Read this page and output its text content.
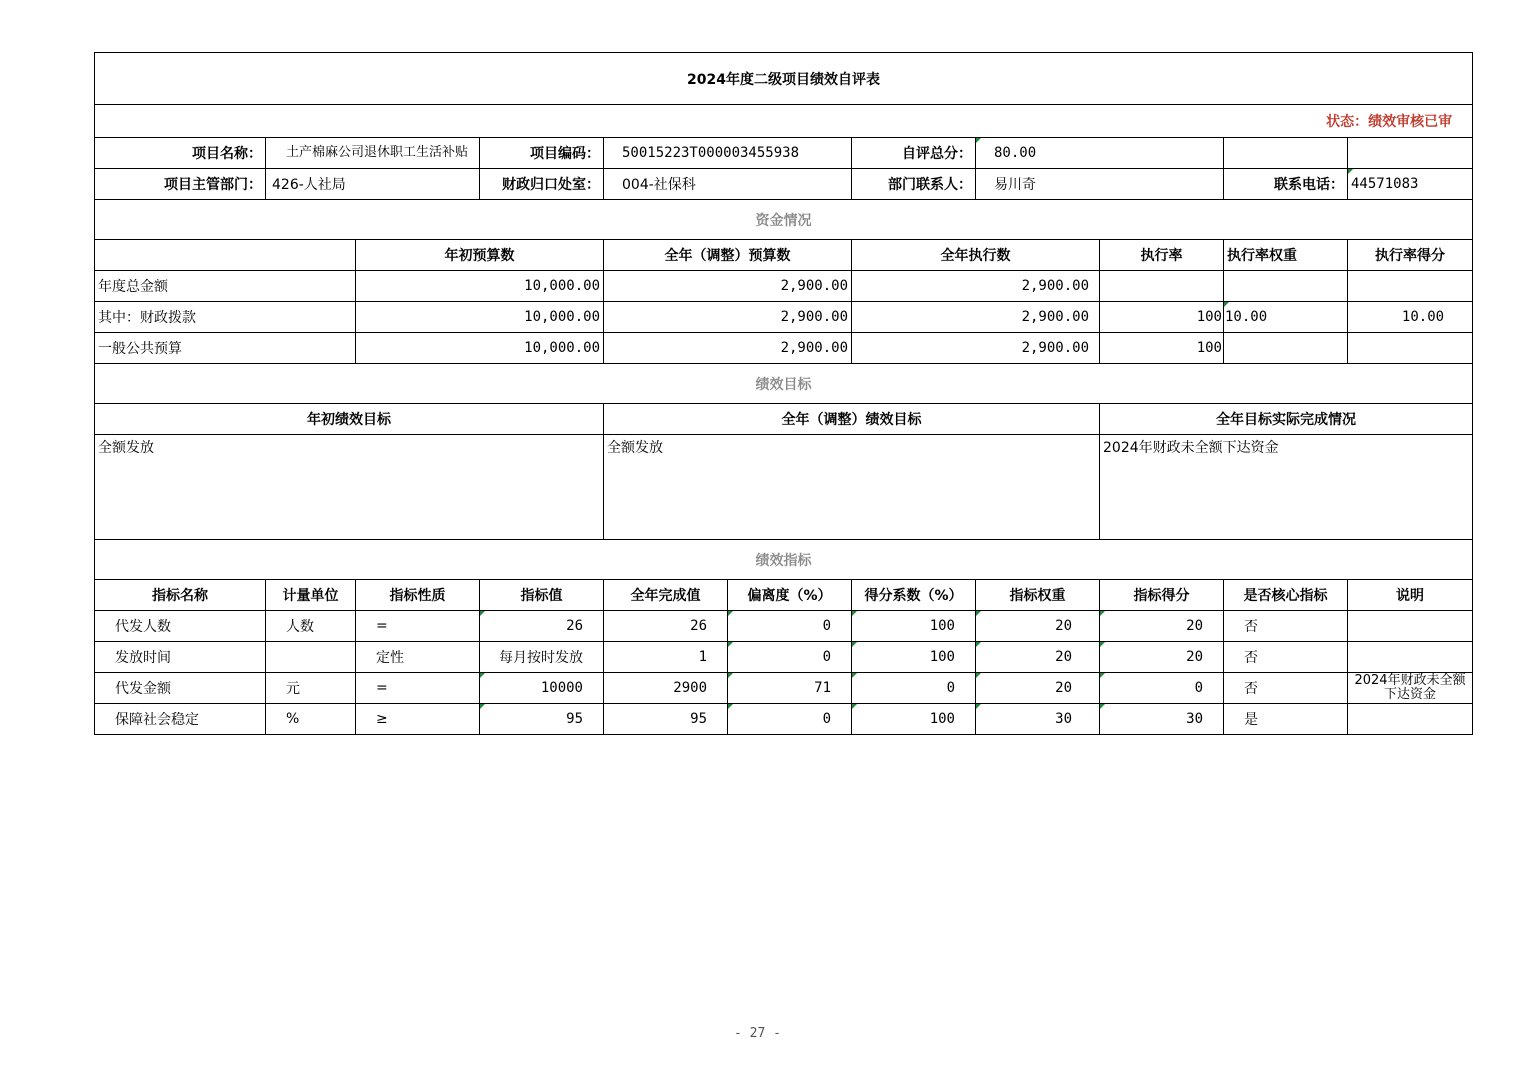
2024年度二级项目绩效自评表										
状态：绩效审核已审										
项目名称：	土产棉麻公司退休职工生活补贴		项目编码：	50015223T000003455938		自评总分：	80.00			
项目主管部门：	426-人社局		财政归口处室：	004-社保科		部门联系人：	易川奇		联系电话：	44571083
资金情况										
		年初预算数		全年（调整）预算数		全年执行数		执行率	执行率权重	执行率得分
年度总金额		10,000.00		2,900.00		2,900.00				
其中：财政拨款		10,000.00		2,900.00		2,900.00		100	10.00	10.00
一般公共预算		10,000.00		2,900.00		2,900.00		100		
绩效目标										
年初绩效目标				全年（调整）绩效目标				全年目标实际完成情况		
全额发放				全额发放				2024年财政未全额下达资金		
绩效指标										
指标名称	计量单位	指标性质	指标值	全年完成值	偏离度（%）	得分系数（%）	指标权重	指标得分	是否核心指标	说明
代发人数	人数	=	26	26	0	100	20	20	否	
发放时间		定性	每月按时发放	1	0	100	20	20	否	
代发金额	元	=	10000	2900	71	0	20	0	否	2024年财政未全额下达资金
保障社会稳定	%	≥	95	95	0	100	30	30	是	
- 27 -
